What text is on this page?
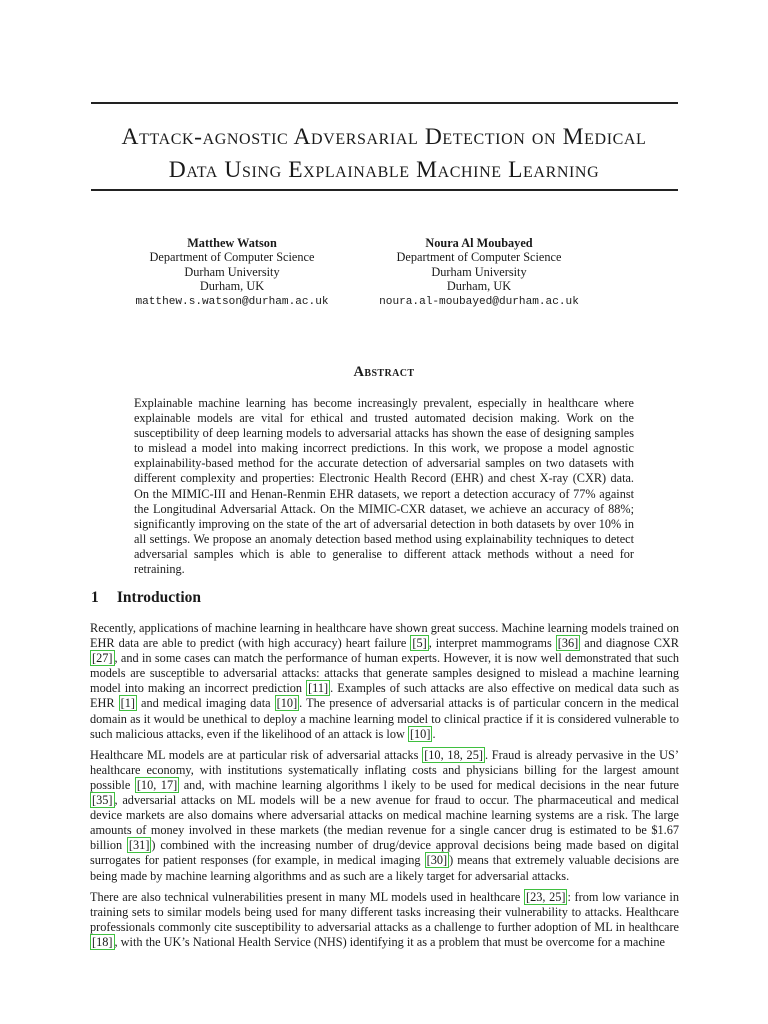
Attack-agnostic Adversarial Detection on Medical
Data Using Explainable Machine Learning
Matthew Watson
Department of Computer Science
Durham University
Durham, UK
matthew.s.watson@durham.ac.uk
Noura Al Moubayed
Department of Computer Science
Durham University
Durham, UK
noura.al-moubayed@durham.ac.uk
Abstract
Explainable machine learning has become increasingly prevalent, especially in healthcare where explainable models are vital for ethical and trusted automated decision making. Work on the susceptibility of deep learning models to adversarial attacks has shown the ease of designing samples to mislead a model into making incorrect predictions. In this work, we propose a model agnostic explainability-based method for the accurate detection of adversarial samples on two datasets with different complexity and properties: Electronic Health Record (EHR) and chest X-ray (CXR) data. On the MIMIC-III and Henan-Renmin EHR datasets, we report a detection accuracy of 77% against the Longitudinal Adversarial Attack. On the MIMIC-CXR dataset, we achieve an accuracy of 88%; significantly improving on the state of the art of adversarial detection in both datasets by over 10% in all settings. We propose an anomaly detection based method using explainability techniques to detect adversarial samples which is able to generalise to different attack methods without a need for retraining.
1 Introduction

Recently, applications of machine learning in healthcare have shown great success. Machine learning models trained on EHR data are able to predict (with high accuracy) heart failure [5] , interpret mammograms [36] and diagnose CXR [27] , and in some cases can match the performance of human experts. However, it is now well demonstrated that such models are susceptible to adversarial attacks: attacks that generate samples designed to mislead a machine learning model into making an incorrect prediction [11] . Examples of such attacks are also effective on medical data such as EHR [1] and medical imaging data [10] . The presence of adversarial attacks is of particular concern in the medical domain as it would be unethical to deploy a machine learning model to clinical practice if it is considered vulnerable to such malicious attacks, even if the likelihood of an attack is low [10] .

Healthcare ML models are at particular risk of adversarial attacks [10, 18, 25] . Fraud is already pervasive in the US’ healthcare economy, with institutions systematically inflating costs and physicians billing for the largest amount possible [10, 17] and, with machine learning algorithms l ikely to be used for medical decisions in the near future [35] , adversarial attacks on ML models will be a new avenue for fraud to occur. The pharmaceutical and medical device markets are also domains where adversarial attacks on medical machine learning systems are a risk. The large amounts of money involved in these markets (the median revenue for a single cancer drug is estimated to be $1.67 billion [31] ) combined with the increasing number of drug/device approval decisions being made based on digital surrogates for patient responses (for example, in medical imaging [30] ) means that extremely valuable decisions are being made by machine learning algorithms and as such are a likely target for adversarial attacks.

There are also technical vulnerabilities present in many ML models used in healthcare [23, 25] : from low variance in training sets to similar models being used for many different tasks increasing their vulnerability to attacks. Healthcare professionals commonly cite susceptibility to adversarial attacks as a challenge to further adoption of ML in healthcare [18] , with the UK’s National Health Service (NHS) identifying it as a problem that must be overcome for a machine
